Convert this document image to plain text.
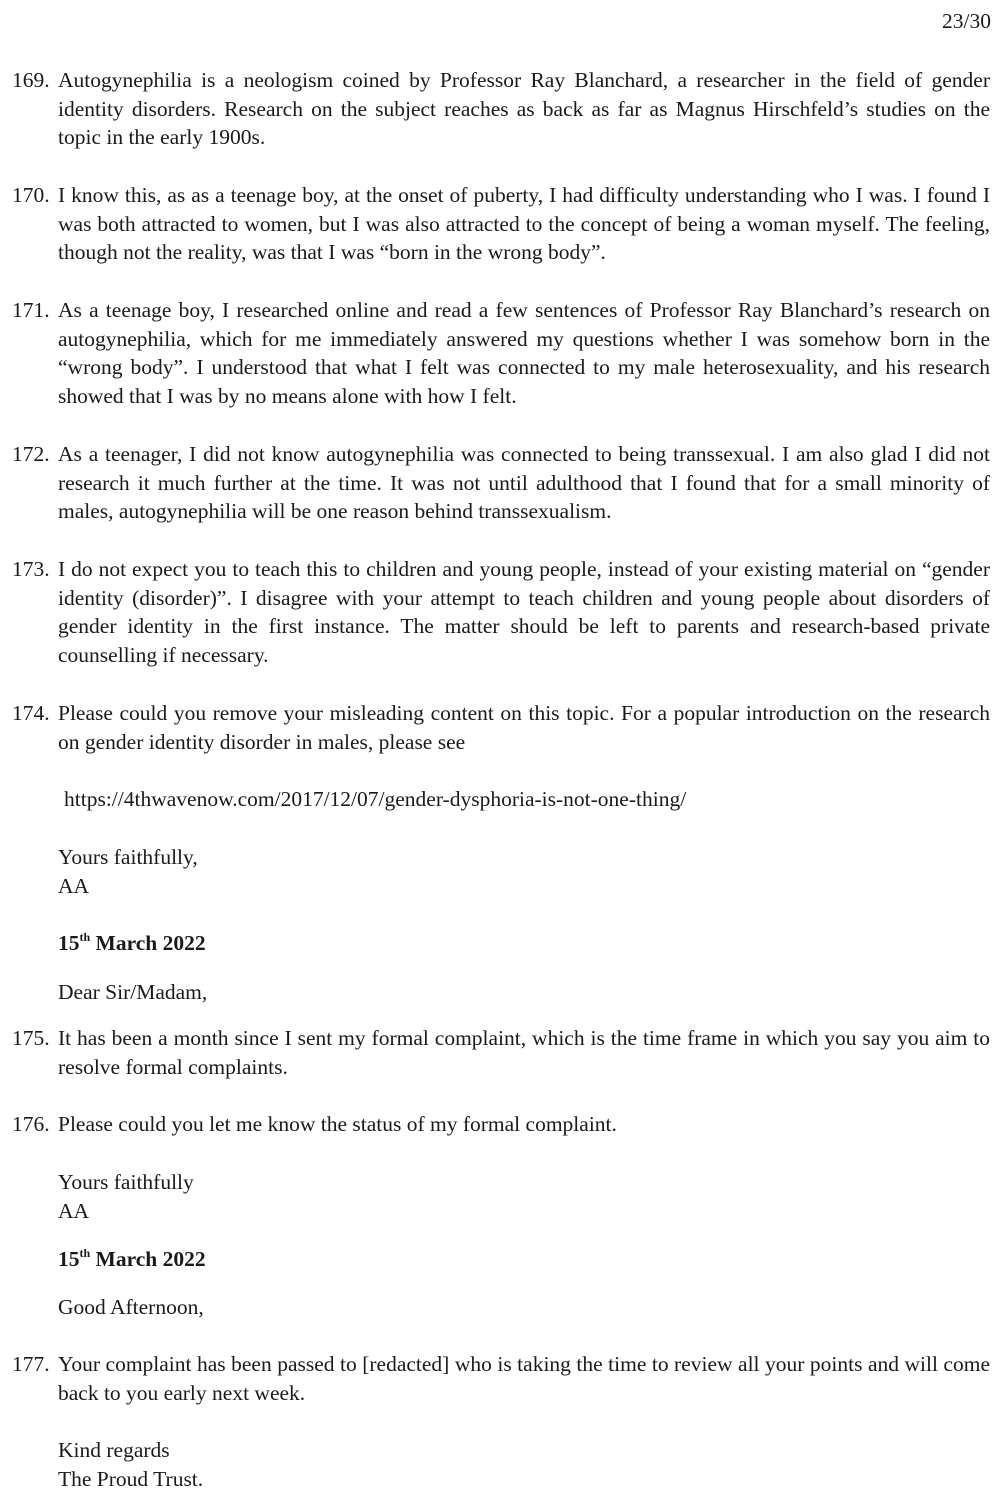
23/30
169. Autogynephilia is a neologism coined by Professor Ray Blanchard, a researcher in the field of gender identity disorders. Research on the subject reaches as back as far as Magnus Hirschfeld’s studies on the topic in the early 1900s.
170. I know this, as as a teenage boy, at the onset of puberty, I had difficulty understanding who I was. I found I was both attracted to women, but I was also attracted to the concept of being a woman myself. The feeling, though not the reality, was that I was “born in the wrong body”.
171. As a teenage boy, I researched online and read a few sentences of Professor Ray Blanchard’s research on autogynephilia, which for me immediately answered my questions whether I was somehow born in the “wrong body”. I understood that what I felt was connected to my male heterosexuality, and his research showed that I was by no means alone with how I felt.
172. As a teenager, I did not know autogynephilia was connected to being transsexual. I am also glad I did not research it much further at the time. It was not until adulthood that I found that for a small minority of males, autogynephilia will be one reason behind transsexualism.
173. I do not expect you to teach this to children and young people, instead of your existing material on “gender identity (disorder)”. I disagree with your attempt to teach children and young people about disorders of gender identity in the first instance. The matter should be left to parents and research-based private counselling if necessary.
174. Please could you remove your misleading content on this topic. For a popular introduction on the research on gender identity disorder in males, please see
https://4thwavenow.com/2017/12/07/gender-dysphoria-is-not-one-thing/
Yours faithfully,
AA
15th March 2022
Dear Sir/Madam,
175. It has been a month since I sent my formal complaint, which is the time frame in which you say you aim to resolve formal complaints.
176. Please could you let me know the status of my formal complaint.
Yours faithfully
AA
15th March 2022
Good Afternoon,
177. Your complaint has been passed to [redacted] who is taking the time to review all your points and will come back to you early next week.
Kind regards
The Proud Trust.
